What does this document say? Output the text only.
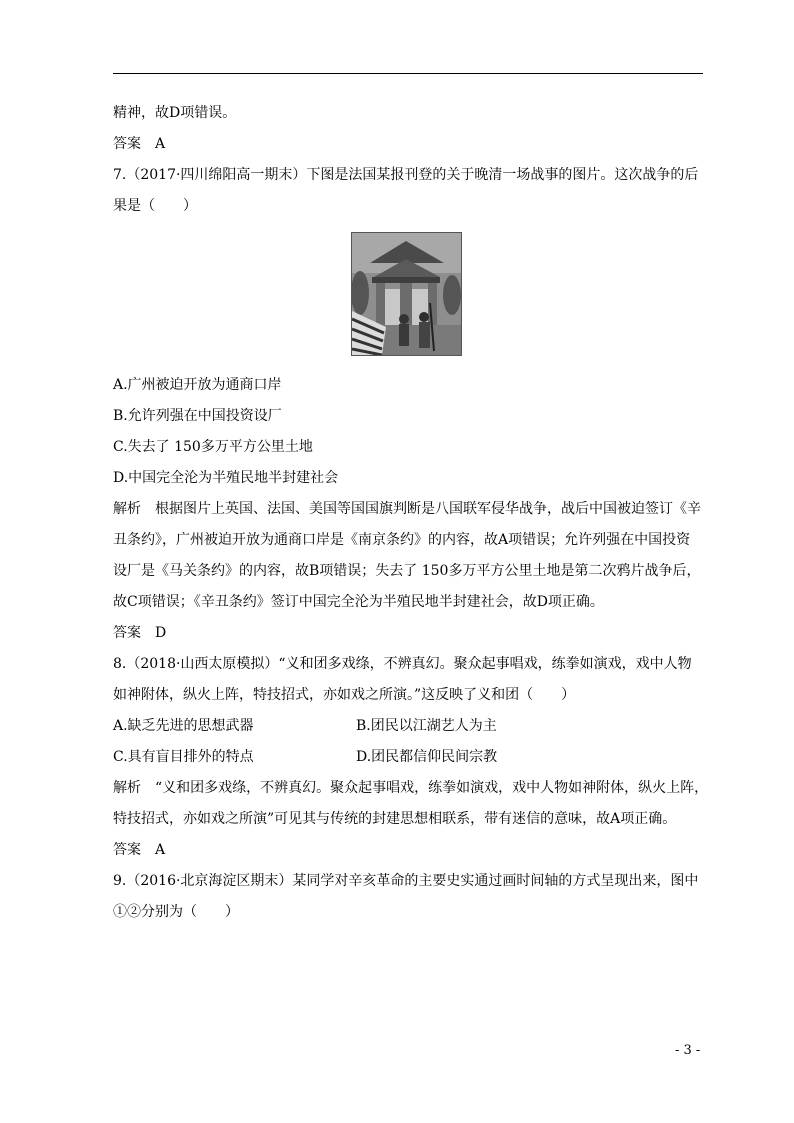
精神，故D项错误。
答案　A
7.（2017·四川绵阳高一期末）下图是法国某报刊登的关于晚清一场战事的图片。这次战争的后
果是（　　）
A.广州被迫开放为通商口岸
B.允许列强在中国投资设厂
C.失去了 150多万平方公里土地
D.中国完全沦为半殖民地半封建社会
解析　根据图片上英国、法国、美国等国国旗判断是八国联军侵华战争，战后中国被迫签订《辛
丑条约》，广州被迫开放为通商口岸是《南京条约》的内容，故A项错误；允许列强在中国投资
设厂是《马关条约》的内容，故B项错误；失去了 150多万平方公里土地是第二次鸦片战争后，
故C项错误；《辛丑条约》签订中国完全沦为半殖民地半封建社会，故D项正确。
答案　D
8.（2018·山西太原模拟）“义和团多戏绦，不辨真幻。聚众起事唱戏，练拳如演戏，戏中人物
如神附体，纵火上阵，特技招式，亦如戏之所演。”这反映了义和团（　　）
A.缺乏先进的思想武器	B.团民以江湖艺人为主
C.具有盲目排外的特点	D.团民都信仰民间宗教
解析　“义和团多戏绦，不辨真幻。聚众起事唱戏，练拳如演戏，戏中人物如神附体，纵火上阵，
特技招式，亦如戏之所演”可见其与传统的封建思想相联系，带有迷信的意味，故A项正确。
答案　A
9.（2016·北京海淀区期末）某同学对辛亥革命的主要史实通过画时间轴的方式呈现出来，图中
①②分别为（　　）
- 3 -
